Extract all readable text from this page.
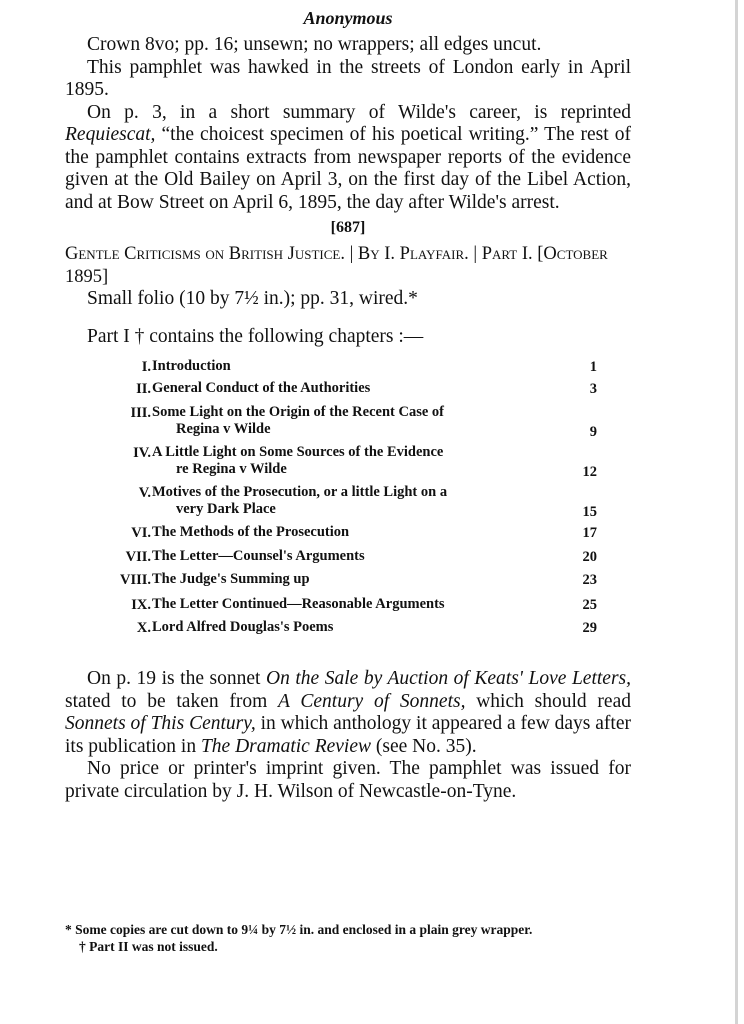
Anonymous

Crown 8vo; pp. 16; unsewn; no wrappers; all edges uncut.

This pamphlet was hawked in the streets of London early in April 1895.

On p. 3, in a short summary of Wilde's career, is reprinted Requiescat, “the choicest specimen of his poetical writing.” The rest of the pamphlet contains extracts from newspaper reports of the evidence given at the Old Bailey on April 3, on the first day of the Libel Action, and at Bow Street on April 6, 1895, the day after Wilde's arrest.

[687]

Gentle Criticisms on British Justice. | By I. Playfair. | Part I. [October 1895]

Small folio (10 by 7½ in.); pp. 31, wired.*

Part I † contains the following chapters :—

I. Introduction	1
II. General Conduct of the Authorities	3
III. Some Light on the Origin of the Recent Case of
Regina v Wilde	9
IV. A Little Light on Some Sources of the Evidence
re Regina v Wilde	12
V. Motives of the Prosecution, or a little Light on a
very Dark Place	15
VI. The Methods of the Prosecution	17
VII. The Letter—Counsel's Arguments	20
VIII. The Judge's Summing up	23
IX. The Letter Continued—Reasonable Arguments	25
X. Lord Alfred Douglas's Poems	29

On p. 19 is the sonnet On the Sale by Auction of Keats' Love Letters, stated to be taken from A Century of Sonnets, which should read Sonnets of This Century, in which anthology it appeared a few days after its publication in The Dramatic Review (see No. 35).

No price or printer's imprint given. The pamphlet was issued for private circulation by J. H. Wilson of Newcastle-on-Tyne.

* Some copies are cut down to 9¼ by 7½ in. and enclosed in a plain grey wrapper.

† Part II was not issued.
